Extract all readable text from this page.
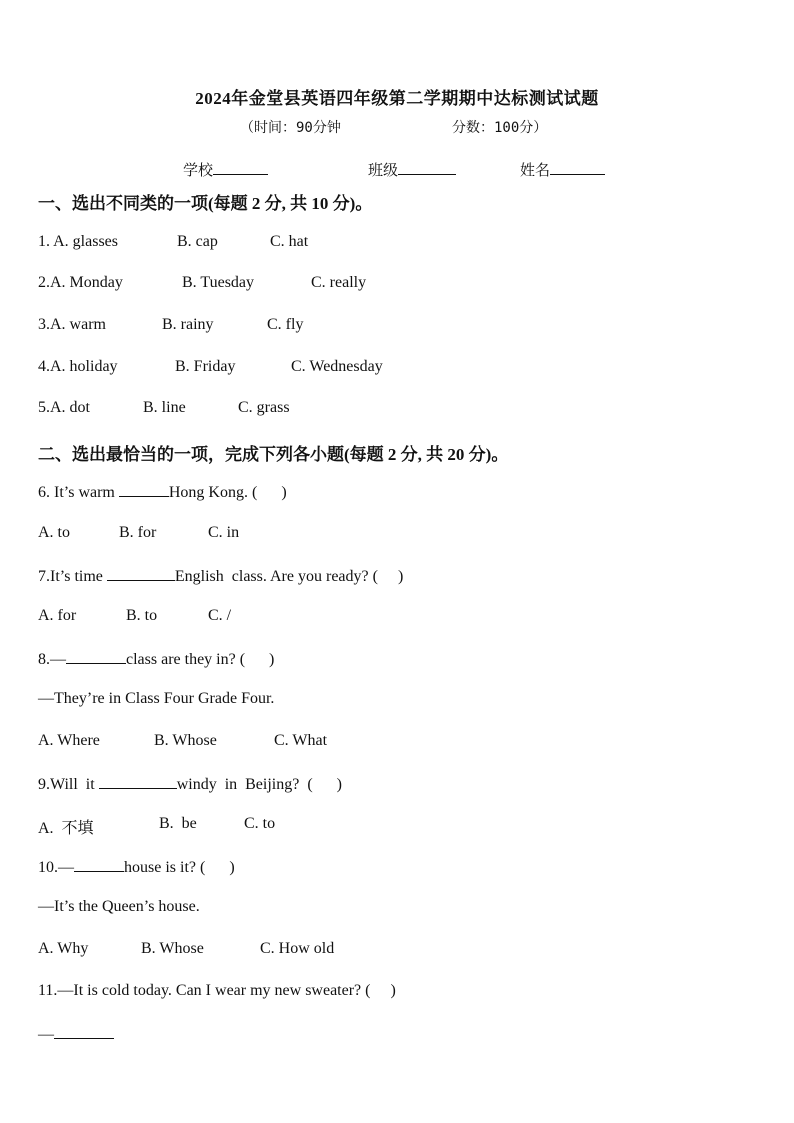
2024年金堂县英语四年级第二学期期中达标测试试题
（时间：90分钟	分数：100分）
学校	班级	姓名
一、选出不同类的一项(每题 2 分, 共 10 分)。
1. A. glasses	B. cap	C. hat
2.A. Monday	B. Tuesday	C. really
3.A. warm	B. rainy	C. fly
4.A. holiday	B. Friday	C. Wednesday
5.A. dot	B. line	C. grass
二、选出最恰当的一项，完成下列各小题(每题 2 分, 共 20 分)。
6. It’s warm	Hong Kong. (      )
A. to	B. for	C. in
7.It’s time	English  class. Are you ready? (     )
A. for	B. to	C. /
8.—	class are they in? (      )
—They’re in Class Four Grade Four.
A. Where	B. Whose	C. What
9.Will  it	windy  in  Beijing?  (      )
A.  不填	B.  be	C. to
10.—	house is it? (      )
—It’s the Queen’s house.
A. Why	B. Whose	C. How old
11.—It is cold today. Can I wear my new sweater? (     )
—
